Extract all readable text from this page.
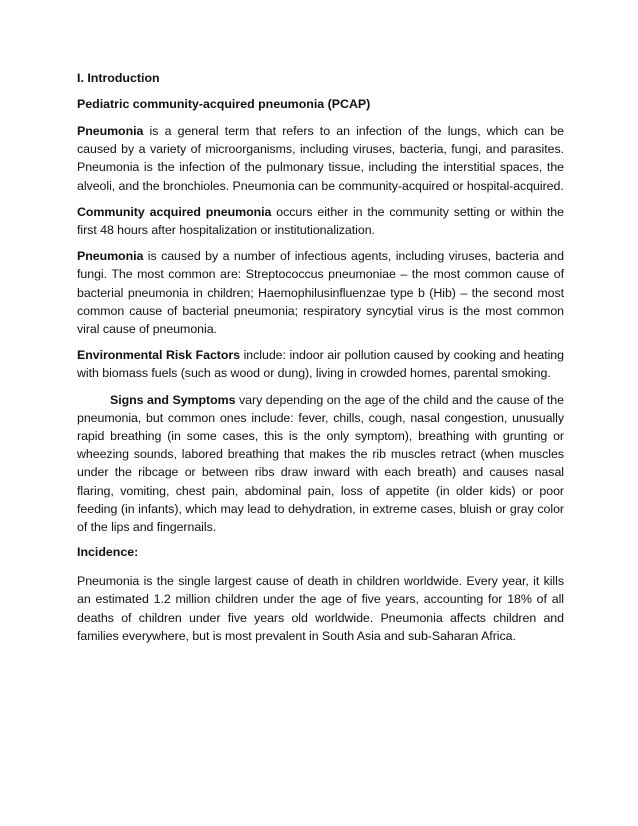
I. Introduction
Pediatric community-acquired pneumonia (PCAP)

Pneumonia is a general term that refers to an infection of the lungs, which can be caused by a variety of microorganisms, including viruses, bacteria, fungi, and parasites. Pneumonia is the infection of the pulmonary tissue, including the interstitial spaces, the alveoli, and the bronchioles. Pneumonia can be community-acquired or hospital-acquired.

Community acquired pneumonia occurs either in the community setting or within the first 48 hours after hospitalization or institutionalization.

Pneumonia is caused by a number of infectious agents, including viruses, bacteria and fungi. The most common are: Streptococcus pneumoniae – the most common cause of bacterial pneumonia in children; Haemophilusinfluenzae type b (Hib) – the second most common cause of bacterial pneumonia; respiratory syncytial virus is the most common viral cause of pneumonia.

Environmental Risk Factors include: indoor air pollution caused by cooking and heating with biomass fuels (such as wood or dung), living in crowded homes, parental smoking.

Signs and Symptoms vary depending on the age of the child and the cause of the pneumonia, but common ones include: fever, chills, cough, nasal congestion, unusually rapid breathing (in some cases, this is the only symptom), breathing with grunting or wheezing sounds, labored breathing that makes the rib muscles retract (when muscles under the ribcage or between ribs draw inward with each breath) and causes nasal flaring, vomiting, chest pain, abdominal pain, loss of appetite (in older kids) or poor feeding (in infants), which may lead to dehydration, in extreme cases, bluish or gray color of the lips and fingernails.

Incidence:

Pneumonia is the single largest cause of death in children worldwide. Every year, it kills an estimated 1.2 million children under the age of five years, accounting for 18% of all deaths of children under five years old worldwide. Pneumonia affects children and families everywhere, but is most prevalent in South Asia and sub-Saharan Africa.
